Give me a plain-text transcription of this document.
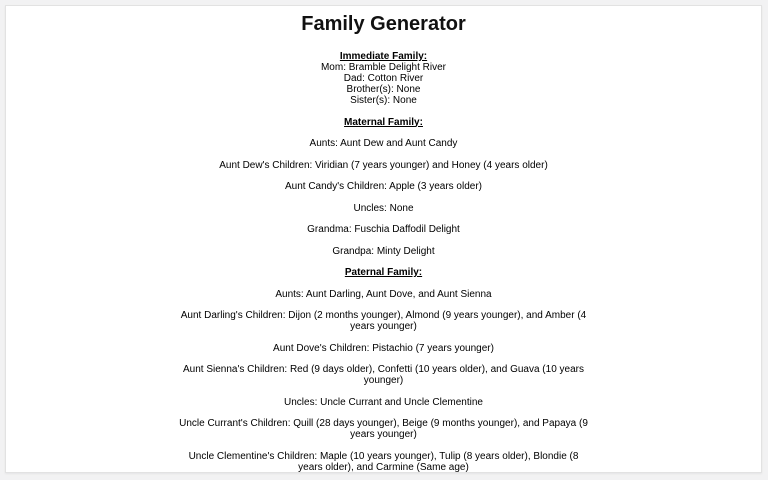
Family Generator
Immediate Family:
Mom: Bramble Delight River
Dad: Cotton River
Brother(s): None
Sister(s): None
Maternal Family:
Aunts: Aunt Dew and Aunt Candy
Aunt Dew's Children: Viridian (7 years younger) and Honey (4 years older)
Aunt Candy's Children: Apple (3 years older)
Uncles: None
Grandma: Fuschia Daffodil Delight
Grandpa: Minty Delight
Paternal Family:
Aunts: Aunt Darling, Aunt Dove, and Aunt Sienna
Aunt Darling's Children: Dijon (2 months younger), Almond (9 years younger), and Amber (4 years younger)
Aunt Dove's Children: Pistachio (7 years younger)
Aunt Sienna's Children: Red (9 days older), Confetti (10 years older), and Guava (10 years younger)
Uncles: Uncle Currant and Uncle Clementine
Uncle Currant's Children: Quill (28 days younger), Beige (9 months younger), and Papaya (9 years younger)
Uncle Clementine's Children: Maple (10 years younger), Tulip (8 years older), Blondie (8 years older), and Carmine (Same age)
